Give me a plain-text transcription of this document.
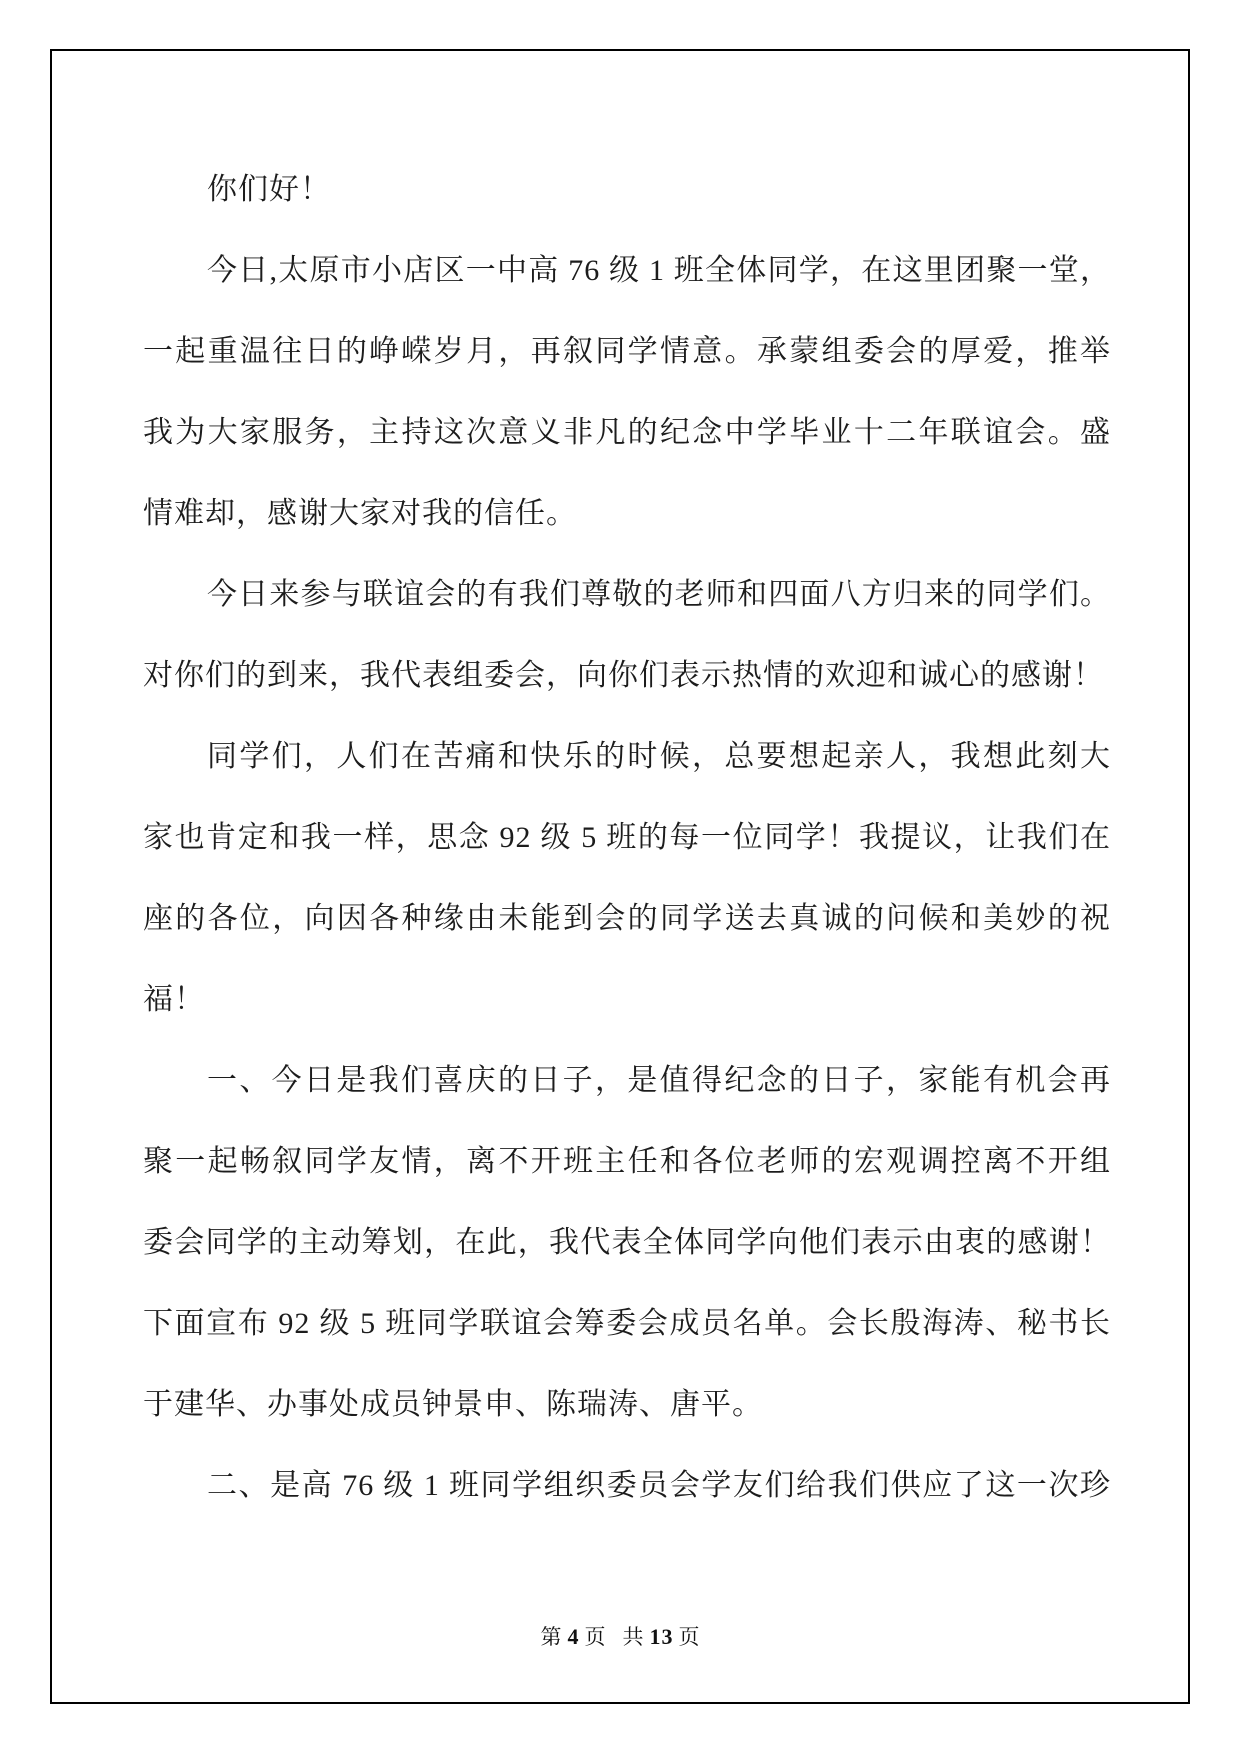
你们好！
今日,太原市小店区一中高 76 级 1 班全体同学，在这里团聚一堂，
一起重温往日的峥嵘岁月，再叙同学情意。承蒙组委会的厚爱，推举
我为大家服务，主持这次意义非凡的纪念中学毕业十二年联谊会。盛
情难却，感谢大家对我的信任。
今日来参与联谊会的有我们尊敬的老师和四面八方归来的同学们。
对你们的到来，我代表组委会，向你们表示热情的欢迎和诚心的感谢！
同学们，人们在苦痛和快乐的时候，总要想起亲人，我想此刻大
家也肯定和我一样，思念 92 级 5 班的每一位同学！我提议，让我们在
座的各位，向因各种缘由未能到会的同学送去真诚的问候和美妙的祝
福！
一、今日是我们喜庆的日子，是值得纪念的日子，家能有机会再
聚一起畅叙同学友情，离不开班主任和各位老师的宏观调控离不开组
委会同学的主动筹划，在此，我代表全体同学向他们表示由衷的感谢！
下面宣布 92 级 5 班同学联谊会筹委会成员名单。会长殷海涛、秘书长
于建华、办事处成员钟景申、陈瑞涛、唐平。
二、是高 76 级 1 班同学组织委员会学友们给我们供应了这一次珍
第 4 页 共 13 页
